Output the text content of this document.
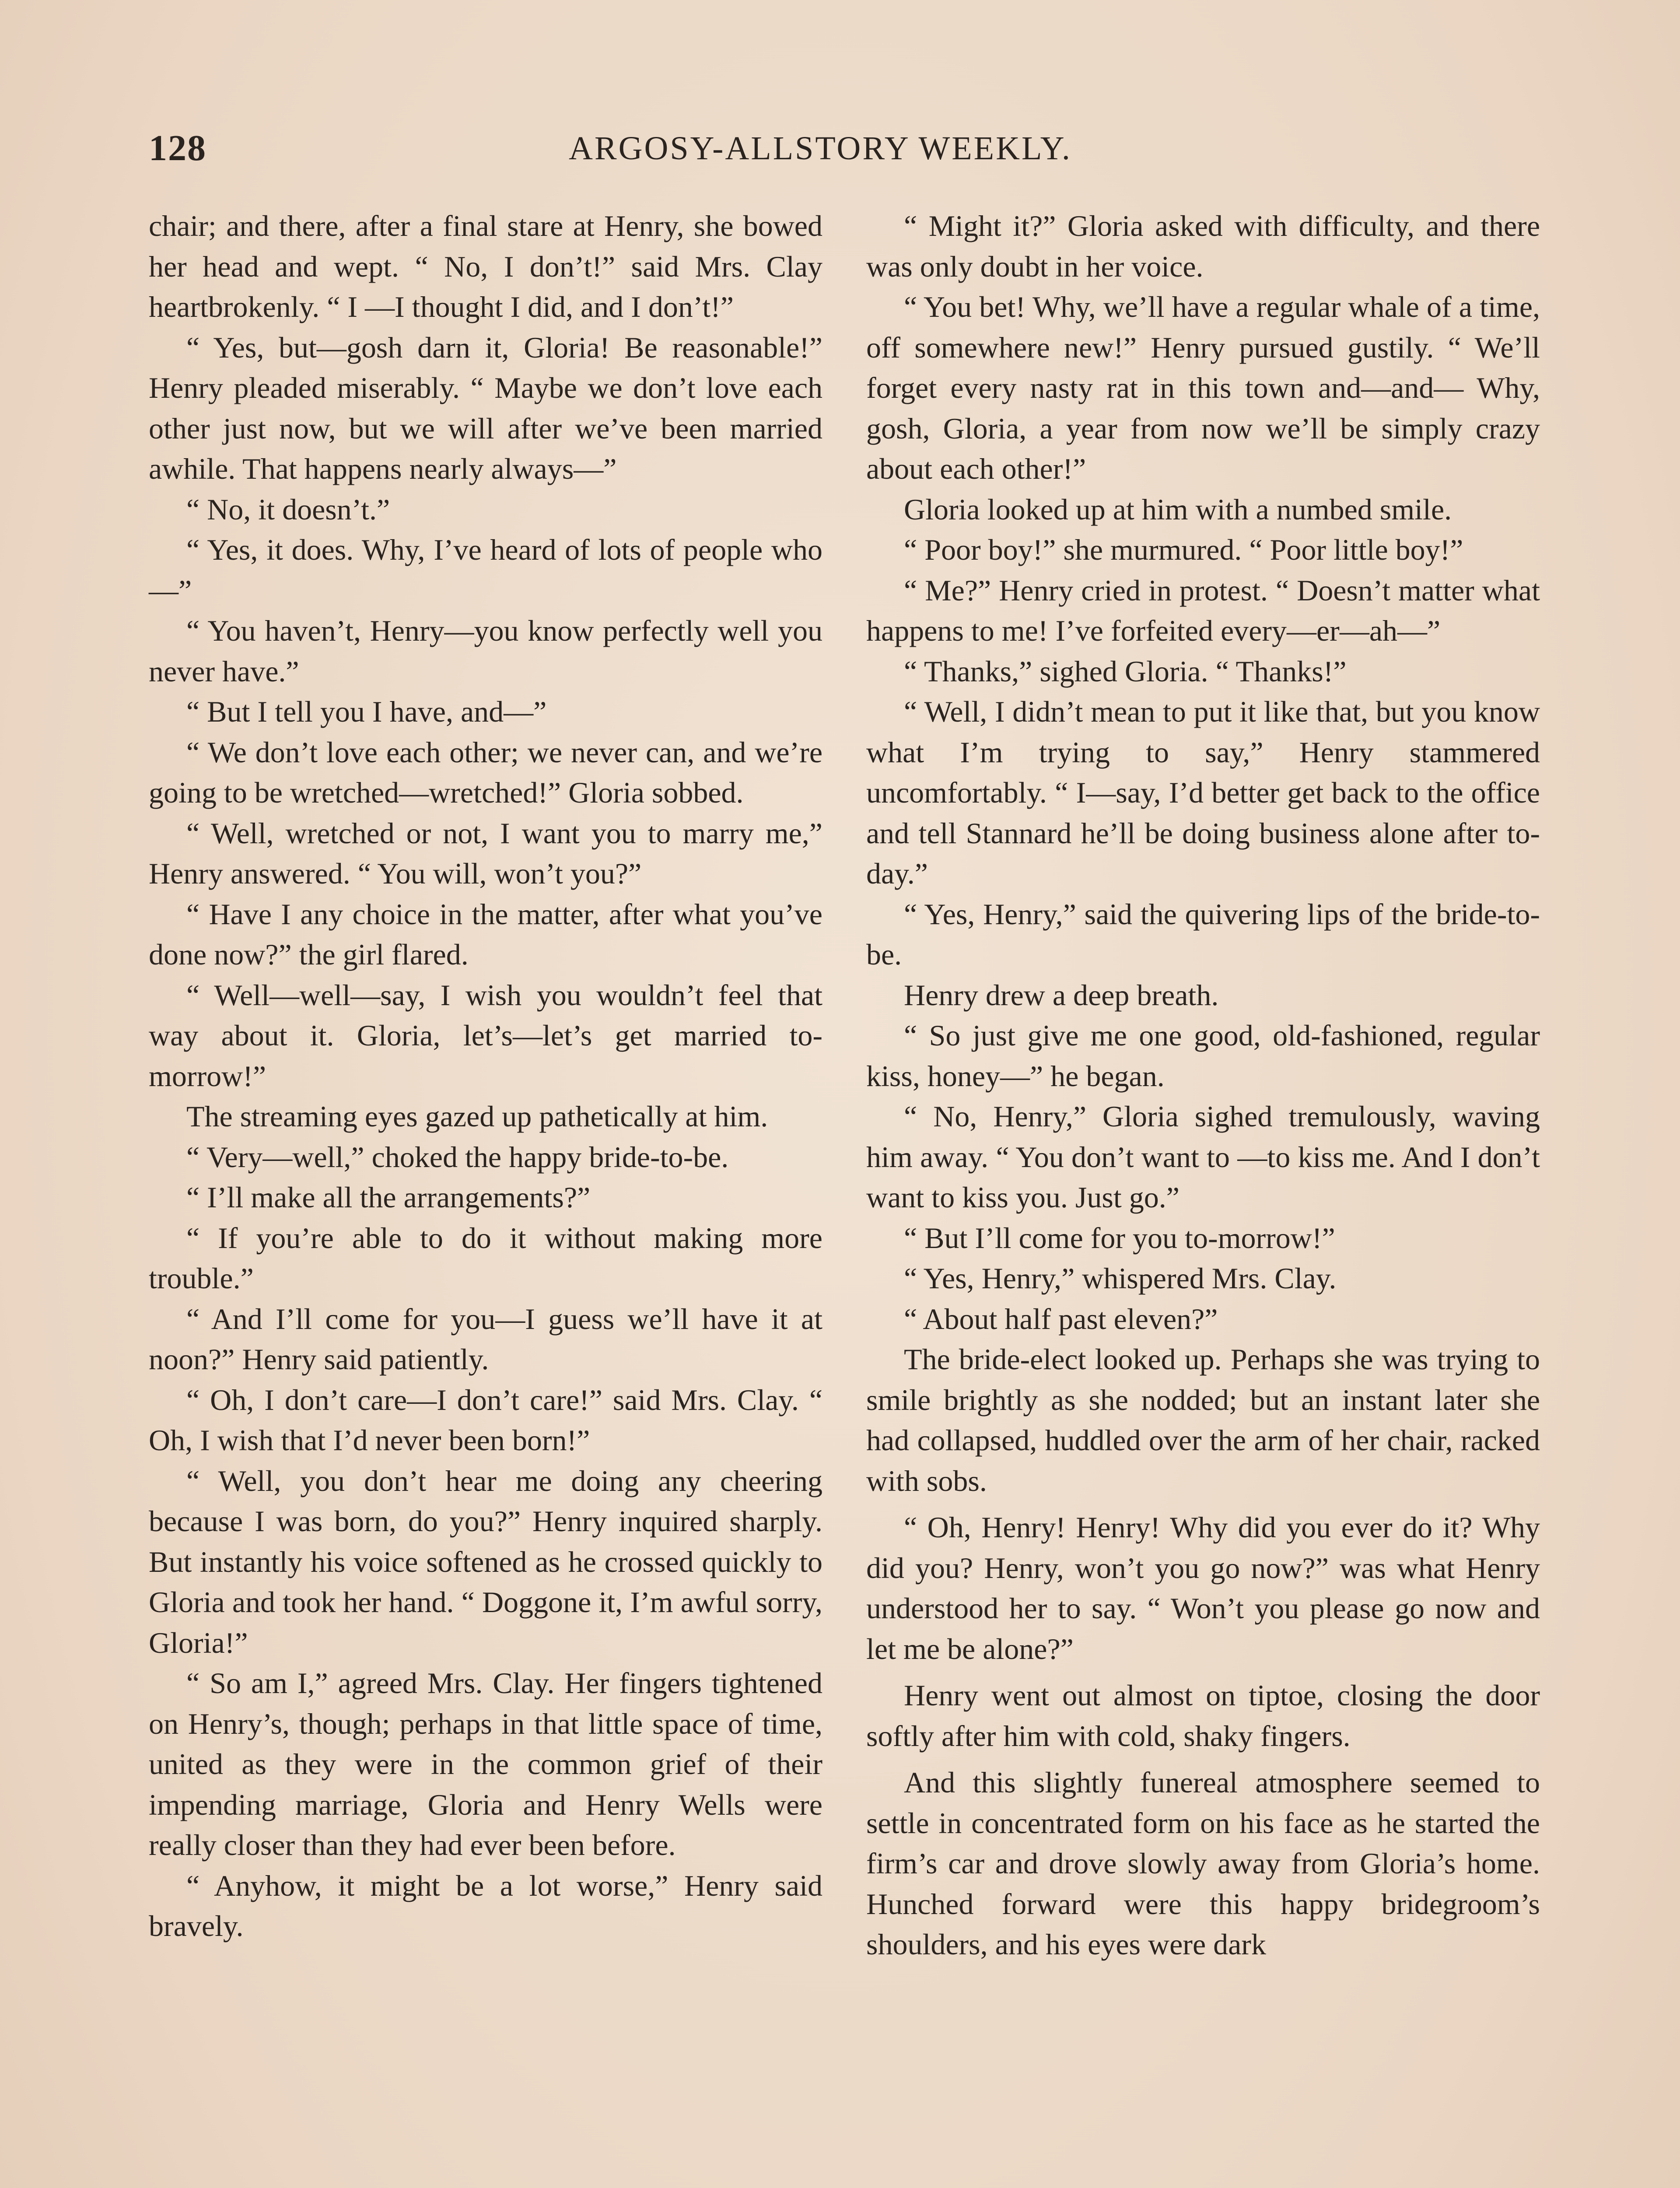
128	ARGOSY-ALLSTORY WEEKLY.

chair; and there, after a final stare at Henry, she bowed her head and wept. “ No, I don’t!” said Mrs. Clay heartbrokenly. “ I —I thought I did, and I don’t!”

“ Yes, but—gosh darn it, Gloria! Be reasonable!” Henry pleaded miserably. “ Maybe we don’t love each other just now, but we will after we’ve been married awhile. That happens nearly always—”

“ No, it doesn’t.”

“ Yes, it does. Why, I’ve heard of lots of people who—”

“ You haven’t, Henry—you know perfectly well you never have.”

“ But I tell you I have, and—”

“ We don’t love each other; we never can, and we’re going to be wretched—wretched!” Gloria sobbed.

“ Well, wretched or not, I want you to marry me,” Henry answered. “ You will, won’t you?”

“ Have I any choice in the matter, after what you’ve done now?” the girl flared.

“ Well—well—say, I wish you wouldn’t feel that way about it. Gloria, let’s—let’s get married to-morrow!”

The streaming eyes gazed up pathetically at him.

“ Very—well,” choked the happy bride-to-be.

“ I’ll make all the arrangements?”

“ If you’re able to do it without making more trouble.”

“ And I’ll come for you—I guess we’ll have it at noon?” Henry said patiently.

“ Oh, I don’t care—I don’t care!” said Mrs. Clay. “ Oh, I wish that I’d never been born!”

“ Well, you don’t hear me doing any cheering because I was born, do you?” Henry inquired sharply. But instantly his voice softened as he crossed quickly to Gloria and took her hand. “ Doggone it, I’m awful sorry, Gloria!”

“ So am I,” agreed Mrs. Clay. Her fingers tightened on Henry’s, though; perhaps in that little space of time, united as they were in the common grief of their impending marriage, Gloria and Henry Wells were really closer than they had ever been before.

“ Anyhow, it might be a lot worse,” Henry said bravely.

“ Might it?” Gloria asked with difficulty, and there was only doubt in her voice.

“ You bet! Why, we’ll have a regular whale of a time, off somewhere new!” Henry pursued gustily. “ We’ll forget every nasty rat in this town and—and— Why, gosh, Gloria, a year from now we’ll be simply crazy about each other!”

Gloria looked up at him with a numbed smile.

“ Poor boy!” she murmured. “ Poor little boy!”

“ Me?” Henry cried in protest. “ Doesn’t matter what happens to me! I’ve forfeited every—er—ah—”

“ Thanks,” sighed Gloria. “ Thanks!”

“ Well, I didn’t mean to put it like that, but you know what I’m trying to say,” Henry stammered uncomfortably. “ I—say, I’d better get back to the office and tell Stannard he’ll be doing business alone after to-day.”

“ Yes, Henry,” said the quivering lips of the bride-to-be.

Henry drew a deep breath.

“ So just give me one good, old-fashioned, regular kiss, honey—” he began.

“ No, Henry,” Gloria sighed tremulously, waving him away. “ You don’t want to —to kiss me. And I don’t want to kiss you. Just go.”

“ But I’ll come for you to-morrow!”

“ Yes, Henry,” whispered Mrs. Clay.

“ About half past eleven?”

The bride-elect looked up. Perhaps she was trying to smile brightly as she nodded; but an instant later she had collapsed, huddled over the arm of her chair, racked with sobs.

“ Oh, Henry! Henry! Why did you ever do it? Why did you? Henry, won’t you go now?” was what Henry understood her to say. “ Won’t you please go now and let me be alone?”

Henry went out almost on tiptoe, closing the door softly after him with cold, shaky fingers.

And this slightly funereal atmosphere seemed to settle in concentrated form on his face as he started the firm’s car and drove slowly away from Gloria’s home. Hunched forward were this happy bridegroom’s shoulders, and his eyes were dark
